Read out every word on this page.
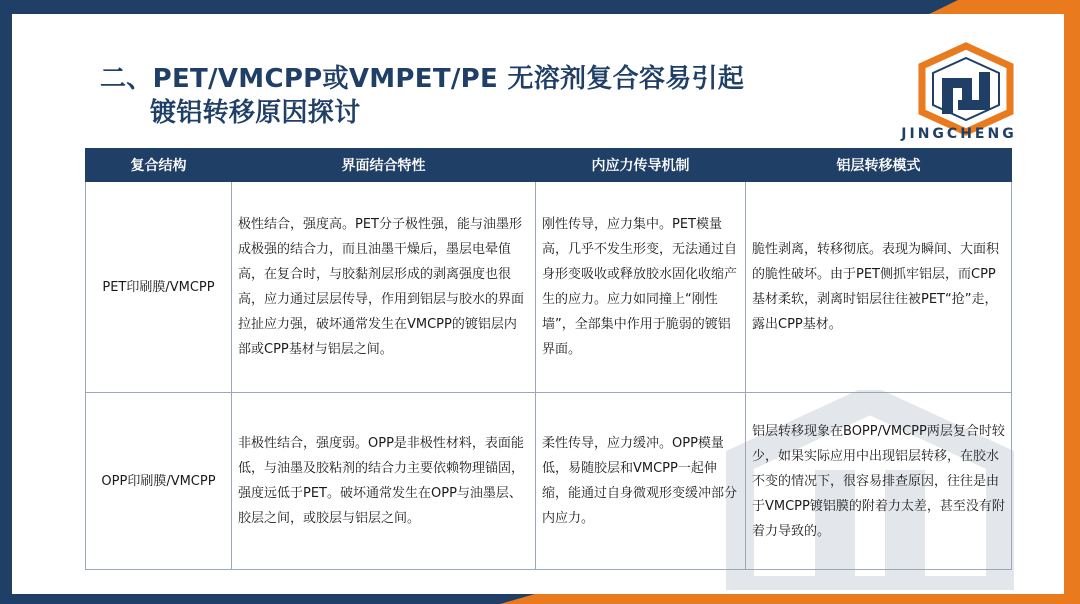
二、PET/VMCPP或VMPET/PE 无溶剂复合容易引起
镀铝转移原因探讨
JINGCHENG
复合结构	界面结合特性	内应力传导机制	铝层转移模式
PET印刷膜/VMCPP	极性结合，强度高。PET分子极性强，能与油墨形成极强的结合力，而且油墨干燥后，墨层电晕值高，在复合时，与胶黏剂层形成的剥离强度也很高，应力通过层层传导，作用到铝层与胶水的界面拉扯应力强，破坏通常发生在VMCPP的镀铝层内部或CPP基材与铝层之间。	刚性传导，应力集中。PET模量高，几乎不发生形变，无法通过自身形变吸收或释放胶水固化收缩产生的应力。应力如同撞上“刚性墙”，全部集中作用于脆弱的镀铝界面。	脆性剥离，转移彻底。表现为瞬间、大面积的脆性破坏。由于PET侧抓牢铝层，而CPP基材柔软，剥离时铝层往往被PET“抢”走，露出CPP基材。
OPP印刷膜/VMCPP	非极性结合，强度弱。OPP是非极性材料，表面能低，与油墨及胶粘剂的结合力主要依赖物理锚固，强度远低于PET。破坏通常发生在OPP与油墨层、胶层之间，或胶层与铝层之间。	柔性传导，应力缓冲。OPP模量低，易随胶层和VMCPP一起伸缩，能通过自身微观形变缓冲部分内应力。	铝层转移现象在BOPP/VMCPP两层复合时较少，如果实际应用中出现铝层转移，在胶水不变的情况下，很容易排查原因，往往是由于VMCPP镀铝膜的附着力太差，甚至没有附着力导致的。
